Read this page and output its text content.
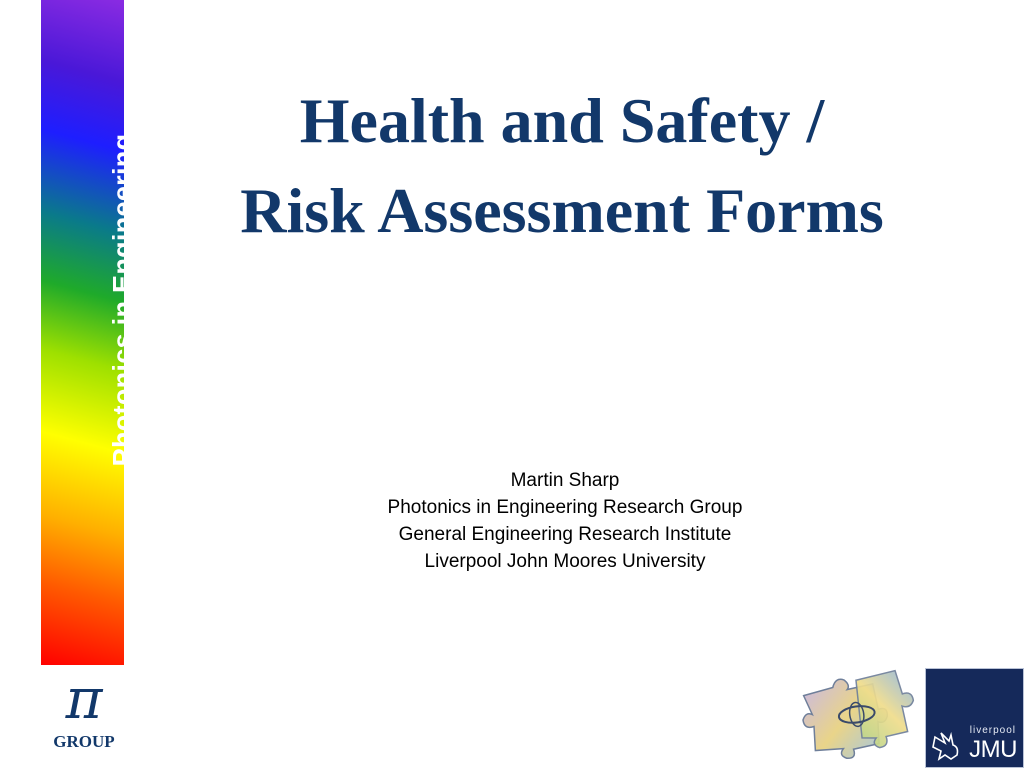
Photonics in Engineering
Health and Safety /
Risk Assessment Forms
Martin Sharp
Photonics in Engineering Research Group
General Engineering Research Institute
Liverpool John Moores University
π
GROUP
liverpool
JMU
